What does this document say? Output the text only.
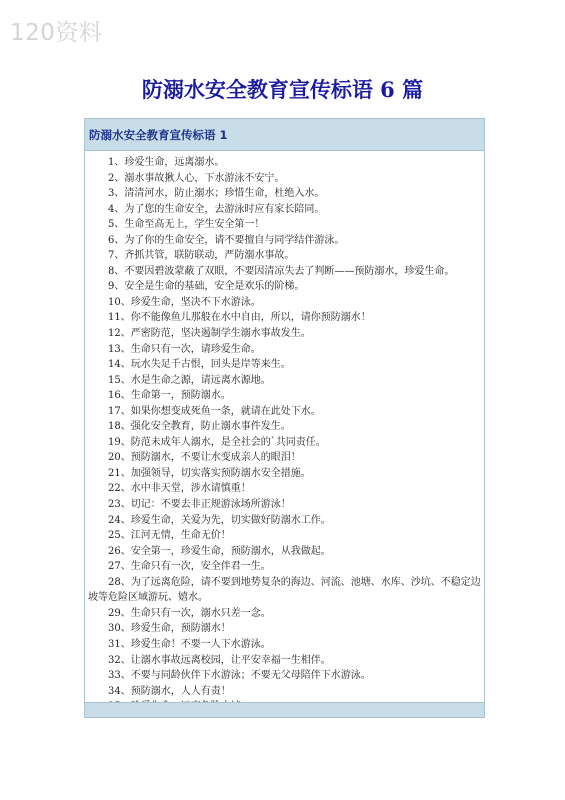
120资料
防溺水安全教育宣传标语 6 篇
防溺水安全教育宣传标语 1
1、珍爱生命，远离溺水。
2、溺水事故揪人心，下水游泳不安宁。
3、清清河水，防止溺水；珍惜生命，杜绝入水。
4、为了您的生命安全，去游泳时应有家长陪同。
5、生命至高无上，学生安全第一！
6、为了你的生命安全，请不要擅自与同学结伴游泳。
7、齐抓共管，联防联动，严防溺水事故。
8、不要因碧波蒙蔽了双眼，不要因清凉失去了判断——预防溺水，珍爱生命。
9、安全是生命的基础，安全是欢乐的阶梯。
10、珍爱生命，坚决不下水游泳。
11、你不能像鱼儿那般在水中自由，所以，请你预防溺水！
12、严密防范，坚决遏制学生溺水事故发生。
13、生命只有一次，请珍爱生命。
14、玩水失足千古恨，回头是岸等来生。
15、水是生命之源，请远离水源地。
16、生命第一，预防溺水。
17、如果你想变成死鱼一条，就请在此处下水。
18、强化安全教育，防止溺水事件发生。
19、防范未成年人溺水，是全社会的`共同责任。
20、预防溺水，不要让水变成亲人的眼泪！
21、加强领导，切实落实预防溺水安全措施。
22、水中非天堂，涉水请慎重！
23、切记：不要去非正规游泳场所游泳！
24、珍爱生命，关爱为先，切实做好防溺水工作。
25、江河无情，生命无价！
26、安全第一，珍爱生命，预防溺水，从我做起。
27、生命只有一次，安全伴君一生。
28、为了远离危险，请不要到地势复杂的海边、河流、池塘、水库、沙坑、不稳定边坡等危险区域游玩、嬉水。
29、生命只有一次，溺水只差一念。
30、珍爱生命，预防溺水！
31、珍爱生命！不要一人下水游泳。
32、让溺水事故远离校园，让平安幸福一生相伴。
33、不要与同龄伙伴下水游泳；不要无父母陪伴下水游泳。
34、预防溺水，人人有责！
